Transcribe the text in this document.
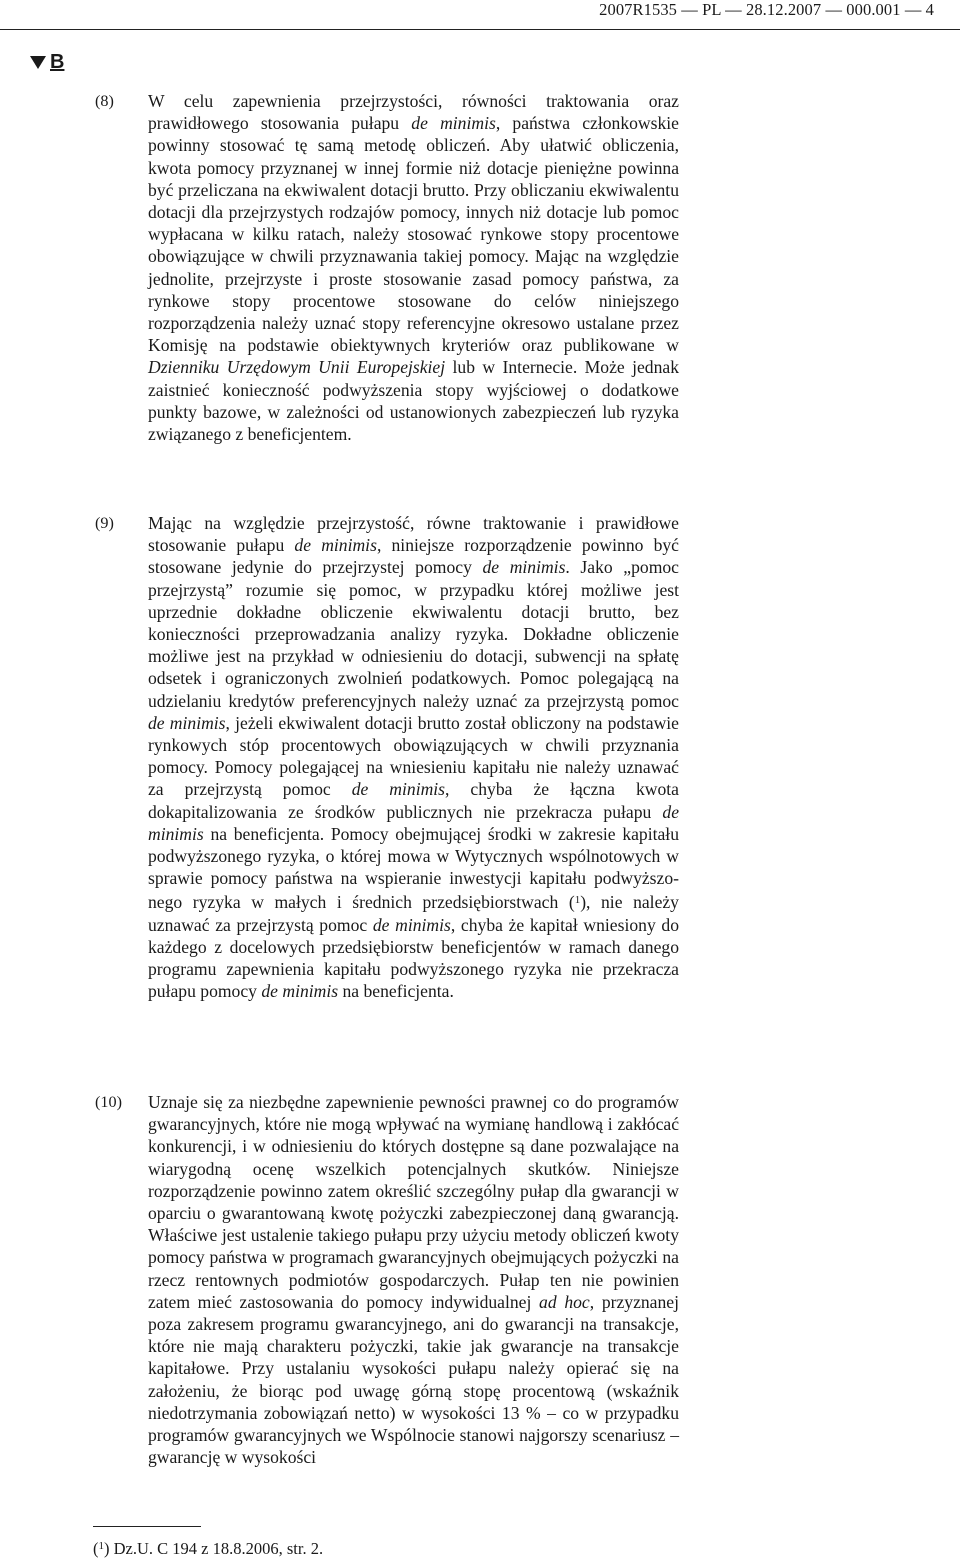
2007R1535 — PL — 28.12.2007 — 000.001 — 4
B
(8) W celu zapewnienia przejrzystości, równości traktowania oraz prawidłowego stosowania pułapu de minimis, państwa członkowskie powinny stosować tę samą metodę obliczeń. Aby ułatwić obliczenia, kwota pomocy przyznanej w innej formie niż dotacje pieniężne powinna być przeliczana na ekwiwalent dotacji brutto. Przy obliczaniu ekwiwalentu dotacji dla przejrzystych rodzajów pomocy, innych niż dotacje lub pomoc wypłacana w kilku ratach, należy stosować rynkowe stopy procentowe obowiązujące w chwili przyznawania takiej pomocy. Mając na względzie jednolite, przejrzyste i proste stosowanie zasad pomocy państwa, za rynkowe stopy procentowe stosowane do celów niniejszego rozporządzenia należy uznać stopy referencyjne okresowo ustalane przez Komisję na podstawie obiektywnych kryteriów oraz publikowane w Dzienniku Urzędowym Unii Europejskiej lub w Internecie. Może jednak zaistnieć konieczność podwyższenia stopy wyjściowej o dodatkowe punkty bazowe, w zależności od ustanowionych zabezpieczeń lub ryzyka związanego z beneficjentem.
(9) Mając na względzie przejrzystość, równe traktowanie i prawidłowe stosowanie pułapu de minimis, niniejsze rozporządzenie powinno być stosowane jedynie do przejrzystej pomocy de minimis. Jako „pomoc przejrzystą” rozumie się pomoc, w przypadku której możliwe jest uprzednie dokładne obliczenie ekwiwalentu dotacji brutto, bez konieczności przeprowadzania analizy ryzyka. Dokładne obliczenie możliwe jest na przykład w odniesieniu do dotacji, subwencji na spłatę odsetek i ograniczonych zwolnień podatkowych. Pomoc polegającą na udzielaniu kredytów preferencyjnych należy uznać za przejrzystą pomoc de minimis, jeżeli ekwiwalent dotacji brutto został obliczony na podstawie rynkowych stóp procentowych obowiązujących w chwili przyznania pomocy. Pomocy polegającej na wniesieniu kapitału nie należy uznawać za przejrzystą pomoc de minimis, chyba że łączna kwota dokapitalizowania ze środków publicznych nie przekracza pułapu de minimis na beneficjenta. Pomocy obejmującej środki w zakresie kapitału podwyższonego ryzyka, o której mowa w Wytycznych wspólnotowych w sprawie pomocy państwa na wspieranie inwestycji kapitału podwyższonego ryzyka w małych i średnich przedsiębiorstwach ($^1$), nie należy uznawać za przejrzystą pomoc de minimis, chyba że kapitał wniesiony do każdego z docelowych przedsiębiorstw beneficjentów w ramach danego programu zapewnienia kapitału podwyższonego ryzyka nie przekracza pułapu pomocy de minimis na beneficjenta.
(10) Uznaje się za niezbędne zapewnienie pewności prawnej co do programów gwarancyjnych, które nie mogą wpływać na wymianę handlową i zakłócać konkurencji, i w odniesieniu do których dostępne są dane pozwalające na wiarygodną ocenę wszelkich potencjalnych skutków. Niniejsze rozporządzenie powinno zatem określić szczególny pułap dla gwarancji w oparciu o gwarantowaną kwotę pożyczki zabezpieczonej daną gwarancją. Właściwe jest ustalenie takiego pułapu przy użyciu metody obliczeń kwoty pomocy państwa w programach gwarancyjnych obejmujących pożyczki na rzecz rentownych podmiotów gospodarczych. Pułap ten nie powinien zatem mieć zastosowania do pomocy indywidualnej ad hoc, przyznanej poza zakresem programu gwarancyjnego, ani do gwarancji na transakcje, które nie mają charakteru pożyczki, takie jak gwarancje na transakcje kapitałowe. Przy ustalaniu wysokości pułapu należy opierać się na założeniu, że biorąc pod uwagę górną stopę procentową (wskaźnik niedotrzymania zobowiązań netto) w wysokości 13 % – co w przypadku programów gwarancyjnych we Wspólnocie stanowi najgorszy scenariusz – gwarancję w wysokości
($^1$) Dz.U. C 194 z 18.8.2006, str. 2.
